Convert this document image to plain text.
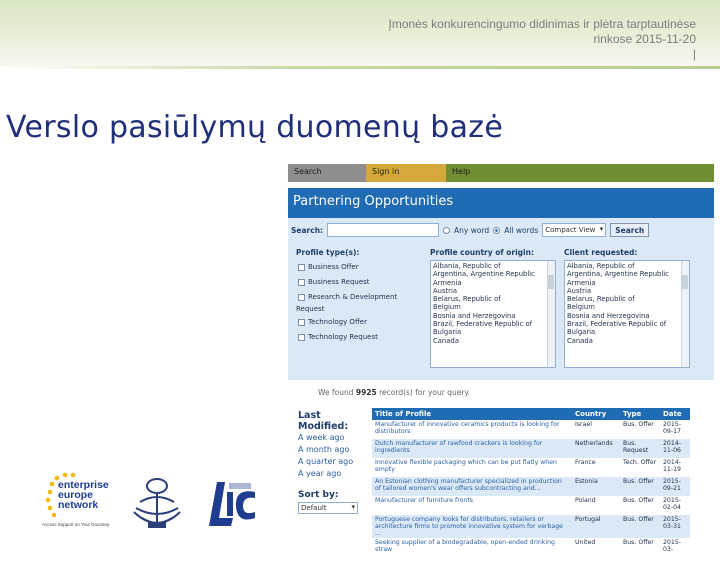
Įmonės konkurencingumo didinimas ir plėtra tarptautinėse
rinkose 2015-11-20
|
Verslo pasiūlymų duomenų bazė
Search	Sign in	Help
Partnering Opportunities
Search:	Any word All words	Compact View ▾	Search
Profile type(s):
Business Offer
Business Request
Research & Development
Request
Technology Offer
Technology Request
Profile country of origin:
Albania, Republic of
Argentina, Argentine Republic
Armenia
Austria
Belarus, Republic of
Belgium
Bosnia and Herzegovina
Brazil, Federative Republic of
Bulgaria
Canada
Client requested:
Albania, Republic of
Argentina, Argentine Republic
Armenia
Austria
Belarus, Republic of
Belgium
Bosnia and Herzegovina
Brazil, Federative Republic of
Bulgaria
Canada
We found 9925 record(s) for your query.
Last Modified:
A week ago
A month ago
A quarter ago
A year ago
Sort by:
Default ▾
Title of Profile	Country	Type	Date
Manufacturer of innovative ceramics products is looking for distributors	Israel	Bus. Offer	2015-09-17
Dutch manufacturer of rawfood crackers is looking for ingredients	Netherlands	Bus. Request	2014-11-06
Innovative flexible packaging which can be put flatly when empty	France	Tech. Offer	2014-11-19
An Estonian clothing manufacturer specialized in production of tailored women's wear offers subcontracting and...	Estonia	Bus. Offer	2015-09-21
Manufacturer of furniture fronts	Poland	Bus. Offer	2015-02-04
Portuguese company looks for distributors, retailers or architecture firms to promote innovative system for verbage ...	Portugal	Bus. Offer	2015-03-31
Seeking supplier of a biodegradable, open-ended drinking straw	United	Bus. Offer	2015-03-
enterprise europe network
Access Support on Your Doorstep
